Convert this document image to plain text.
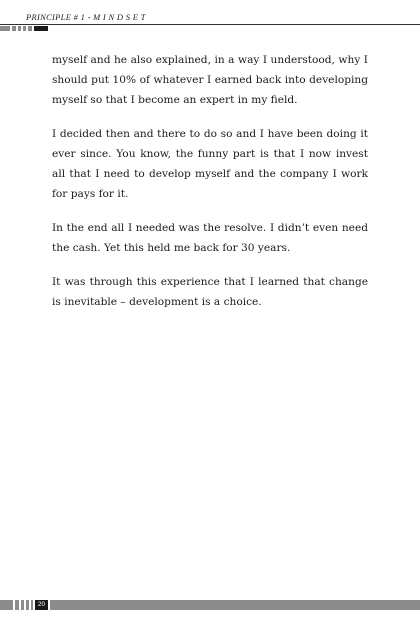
PRINCIPLE # 1 - M I N D S E T

myself and he also explained, in a way I understood, why I should put 10% of whatever I earned back into developing myself so that I become an expert in my field.

I decided then and there to do so and I have been doing it ever since. You know, the funny part is that I now invest all that I need to develop myself and the company I work for pays for it.

In the end all I needed was the resolve. I didn’t even need the cash. Yet this held me back for 30 years.

It was through this experience that I learned that change is inevitable – development is a choice.

20
